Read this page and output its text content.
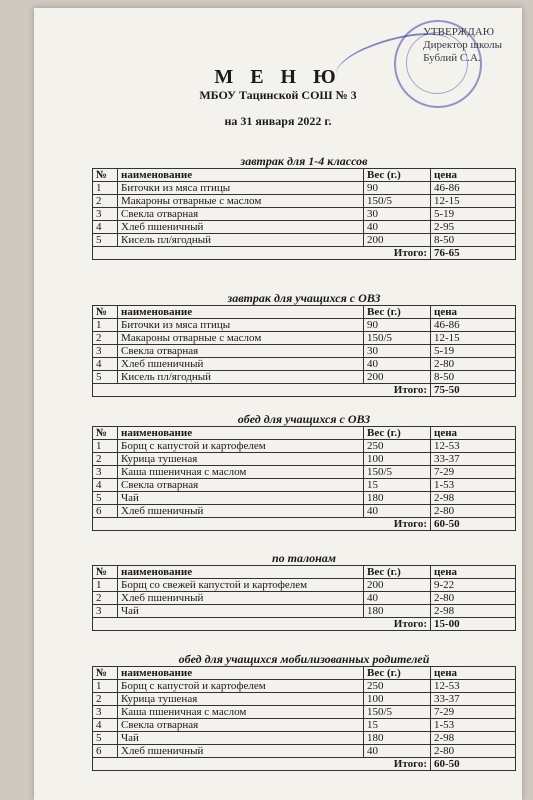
УТВЕРЖДАЮ
Директор школы
Бублий С.А.
М Е Н Ю
МБОУ Тацинской СОШ № 3
на 31 января 2022 г.
завтрак для 1-4 классов
№	наименование	Вес (г.)	цена
1	Биточки из мяса птицы	90	46-86
2	Макароны отварные с маслом	150/5	12-15
3	Свекла отварная	30	5-19
4	Хлеб пшеничный	40	2-95
5	Кисель пл/ягодный	200	8-50
Итого:			76-65
завтрак для учащихся с ОВЗ
№	наименование	Вес (г.)	цена
1	Биточки из мяса птицы	90	46-86
2	Макароны отварные с маслом	150/5	12-15
3	Свекла отварная	30	5-19
4	Хлеб пшеничный	40	2-80
5	Кисель пл/ягодный	200	8-50
Итого:			75-50
обед для учащихся с ОВЗ
№	наименование	Вес (г.)	цена
1	Борщ с капустой и картофелем	250	12-53
2	Курица тушеная	100	33-37
3	Каша пшеничная с маслом	150/5	7-29
4	Свекла отварная	15	1-53
5	Чай	180	2-98
6	Хлеб пшеничный	40	2-80
Итого:			60-50
по талонам
№	наименование	Вес (г.)	цена
1	Борщ со свежей капустой и картофелем	200	9-22
2	Хлеб пшеничный	40	2-80
3	Чай	180	2-98
Итого:			15-00
обед для учащихся мобилизованных родителей
№	наименование	Вес (г.)	цена
1	Борщ с капустой и картофелем	250	12-53
2	Курица тушеная	100	33-37
3	Каша пшеничная с маслом	150/5	7-29
4	Свекла отварная	15	1-53
5	Чай	180	2-98
6	Хлеб пшеничный	40	2-80
Итого:			60-50
